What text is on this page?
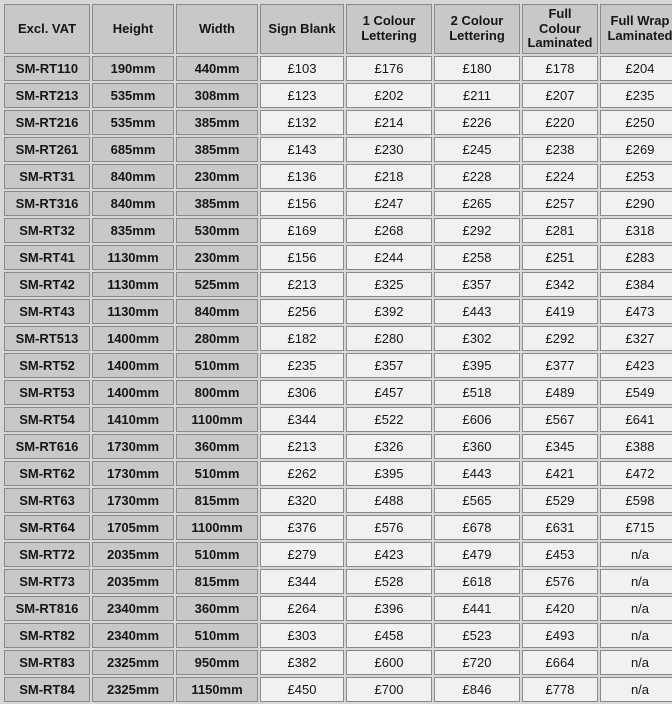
Excl. VAT	Height	Width	Sign Blank	1 Colour Lettering	2 Colour Lettering	Full Colour Laminated	Full Wrap Laminated
SM-RT110	190mm	440mm	£103	£176	£180	£178	£204
SM-RT213	535mm	308mm	£123	£202	£211	£207	£235
SM-RT216	535mm	385mm	£132	£214	£226	£220	£250
SM-RT261	685mm	385mm	£143	£230	£245	£238	£269
SM-RT31	840mm	230mm	£136	£218	£228	£224	£253
SM-RT316	840mm	385mm	£156	£247	£265	£257	£290
SM-RT32	835mm	530mm	£169	£268	£292	£281	£318
SM-RT41	1130mm	230mm	£156	£244	£258	£251	£283
SM-RT42	1130mm	525mm	£213	£325	£357	£342	£384
SM-RT43	1130mm	840mm	£256	£392	£443	£419	£473
SM-RT513	1400mm	280mm	£182	£280	£302	£292	£327
SM-RT52	1400mm	510mm	£235	£357	£395	£377	£423
SM-RT53	1400mm	800mm	£306	£457	£518	£489	£549
SM-RT54	1410mm	1100mm	£344	£522	£606	£567	£641
SM-RT616	1730mm	360mm	£213	£326	£360	£345	£388
SM-RT62	1730mm	510mm	£262	£395	£443	£421	£472
SM-RT63	1730mm	815mm	£320	£488	£565	£529	£598
SM-RT64	1705mm	1100mm	£376	£576	£678	£631	£715
SM-RT72	2035mm	510mm	£279	£423	£479	£453	n/a
SM-RT73	2035mm	815mm	£344	£528	£618	£576	n/a
SM-RT816	2340mm	360mm	£264	£396	£441	£420	n/a
SM-RT82	2340mm	510mm	£303	£458	£523	£493	n/a
SM-RT83	2325mm	950mm	£382	£600	£720	£664	n/a
SM-RT84	2325mm	1150mm	£450	£700	£846	£778	n/a
